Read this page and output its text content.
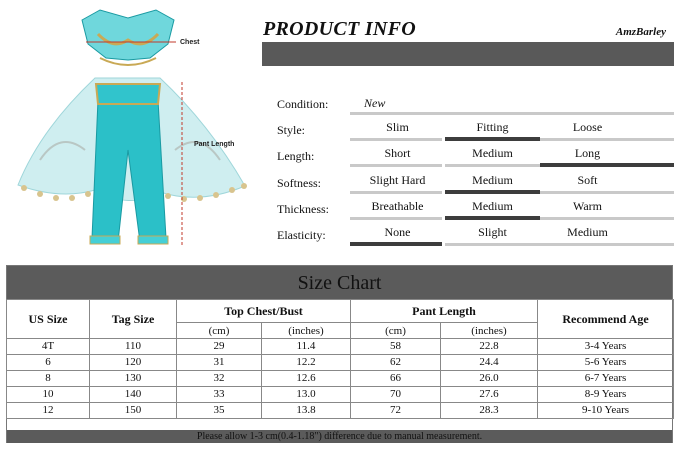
Chest
Pant Length
PRODUCT INFO	AmzBarley
Condition:	New
Style:	Slim	Fitting	Loose
Length:	Short	Medium	Long
Softness:	Slight Hard	Medium	Soft
Thickness:	Breathable	Medium	Warm
Elasticity:	None	Slight	Medium
Size Chart
US Size	Tag Size	Top Chest/Bust		Pant Length		Recommend Age
		(cm)	(inches)	(cm)	(inches)	
4T	110	29	11.4	58	22.8	3-4 Years
6	120	31	12.2	62	24.4	5-6 Years
8	130	32	12.6	66	26.0	6-7 Years
10	140	33	13.0	70	27.6	8-9 Years
12	150	35	13.8	72	28.3	9-10 Years
Please allow 1-3 cm(0.4-1.18") difference due to manual measurement.
